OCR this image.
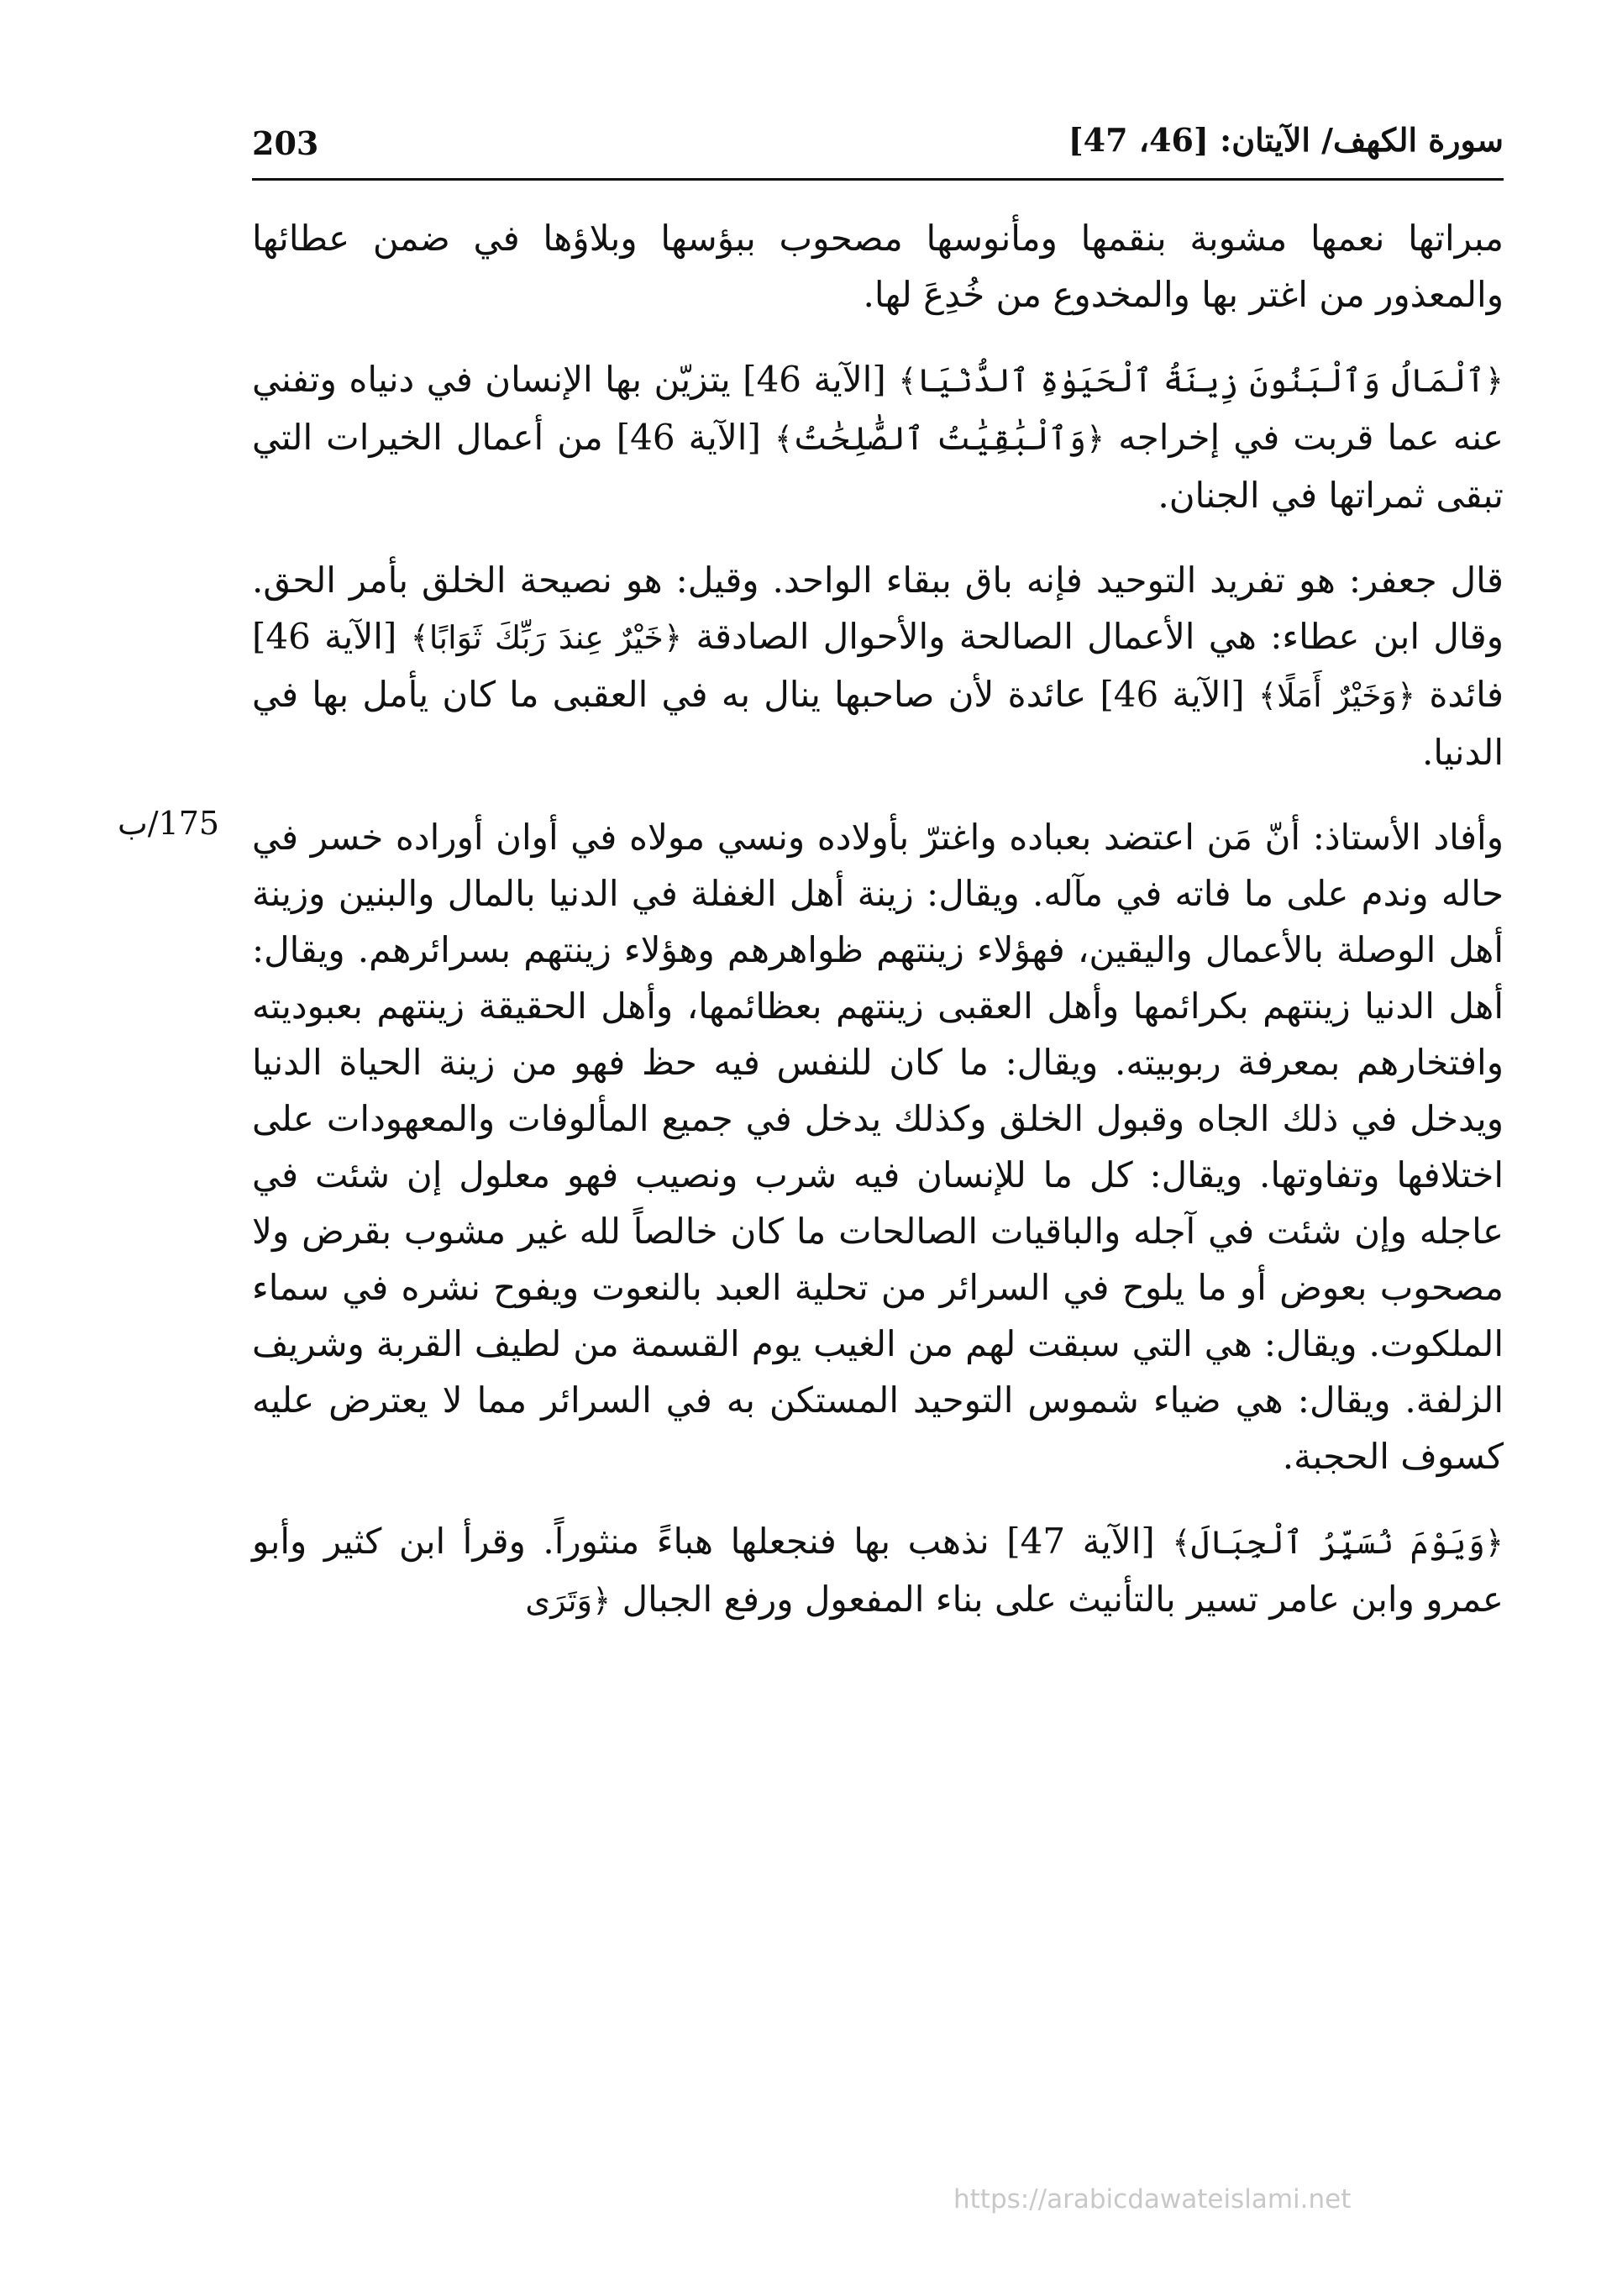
203	سورة الكهف/ الآيتان: [46، 47]
175/ب

مبراتها نعمها مشوبة بنقمها ومأنوسها مصحوب ببؤسها وبلاؤها في ضمن عطائها والمعذور من اغتر بها والمخدوع من خُدِعَ لها.

﴿ٱلْمَالُ وَٱلْبَنُونَ زِينَةُ ٱلْحَيَوٰةِ ٱلدُّنْيَا﴾ [الآية 46] يتزيّن بها الإنسان في دنياه وتفني عنه عما قربت في إخراجه ﴿وَٱلْبَٰقِيَٰتُ ٱلصَّٰلِحَٰتُ﴾ [الآية 46] من أعمال الخيرات التي تبقى ثمراتها في الجنان.

قال جعفر: هو تفريد التوحيد فإنه باق ببقاء الواحد. وقيل: هو نصيحة الخلق بأمر الحق. وقال ابن عطاء: هي الأعمال الصالحة والأحوال الصادقة ﴿خَيْرٌ عِندَ رَبِّكَ ثَوَابًا﴾ [الآية 46] فائدة ﴿وَخَيْرٌ أَمَلًا﴾ [الآية 46] عائدة لأن صاحبها ينال به في العقبى ما كان يأمل بها في الدنيا.

وأفاد الأستاذ: أنّ مَن اعتضد بعباده واغترّ بأولاده ونسي مولاه في أوان أوراده خسر في حاله وندم على ما فاته في مآله. ويقال: زينة أهل الغفلة في الدنيا بالمال والبنين وزينة أهل الوصلة بالأعمال واليقين، فهؤلاء زينتهم ظواهرهم وهؤلاء زينتهم بسرائرهم. ويقال: أهل الدنيا زينتهم بكرائمها وأهل العقبى زينتهم بعظائمها، وأهل الحقيقة زينتهم بعبوديته وافتخارهم بمعرفة ربوبيته. ويقال: ما كان للنفس فيه حظ فهو من زينة الحياة الدنيا ويدخل في ذلك الجاه وقبول الخلق وكذلك يدخل في جميع المألوفات والمعهودات على اختلافها وتفاوتها. ويقال: كل ما للإنسان فيه شرب ونصيب فهو معلول إن شئت في عاجله وإن شئت في آجله والباقيات الصالحات ما كان خالصاً لله غير مشوب بقرض ولا مصحوب بعوض أو ما يلوح في السرائر من تحلية العبد بالنعوت ويفوح نشره في سماء الملكوت. ويقال: هي التي سبقت لهم من الغيب يوم القسمة من لطيف القربة وشريف الزلفة. ويقال: هي ضياء شموس التوحيد المستكن به في السرائر مما لا يعترض عليه كسوف الحجبة.

﴿وَيَوْمَ نُسَيِّرُ ٱلْجِبَالَ﴾ [الآية 47] نذهب بها فنجعلها هباءً منثوراً. وقرأ ابن كثير وأبو عمرو وابن عامر تسير بالتأنيث على بناء المفعول ورفع الجبال ﴿وَتَرَى

https://arabicdawateislami.net
